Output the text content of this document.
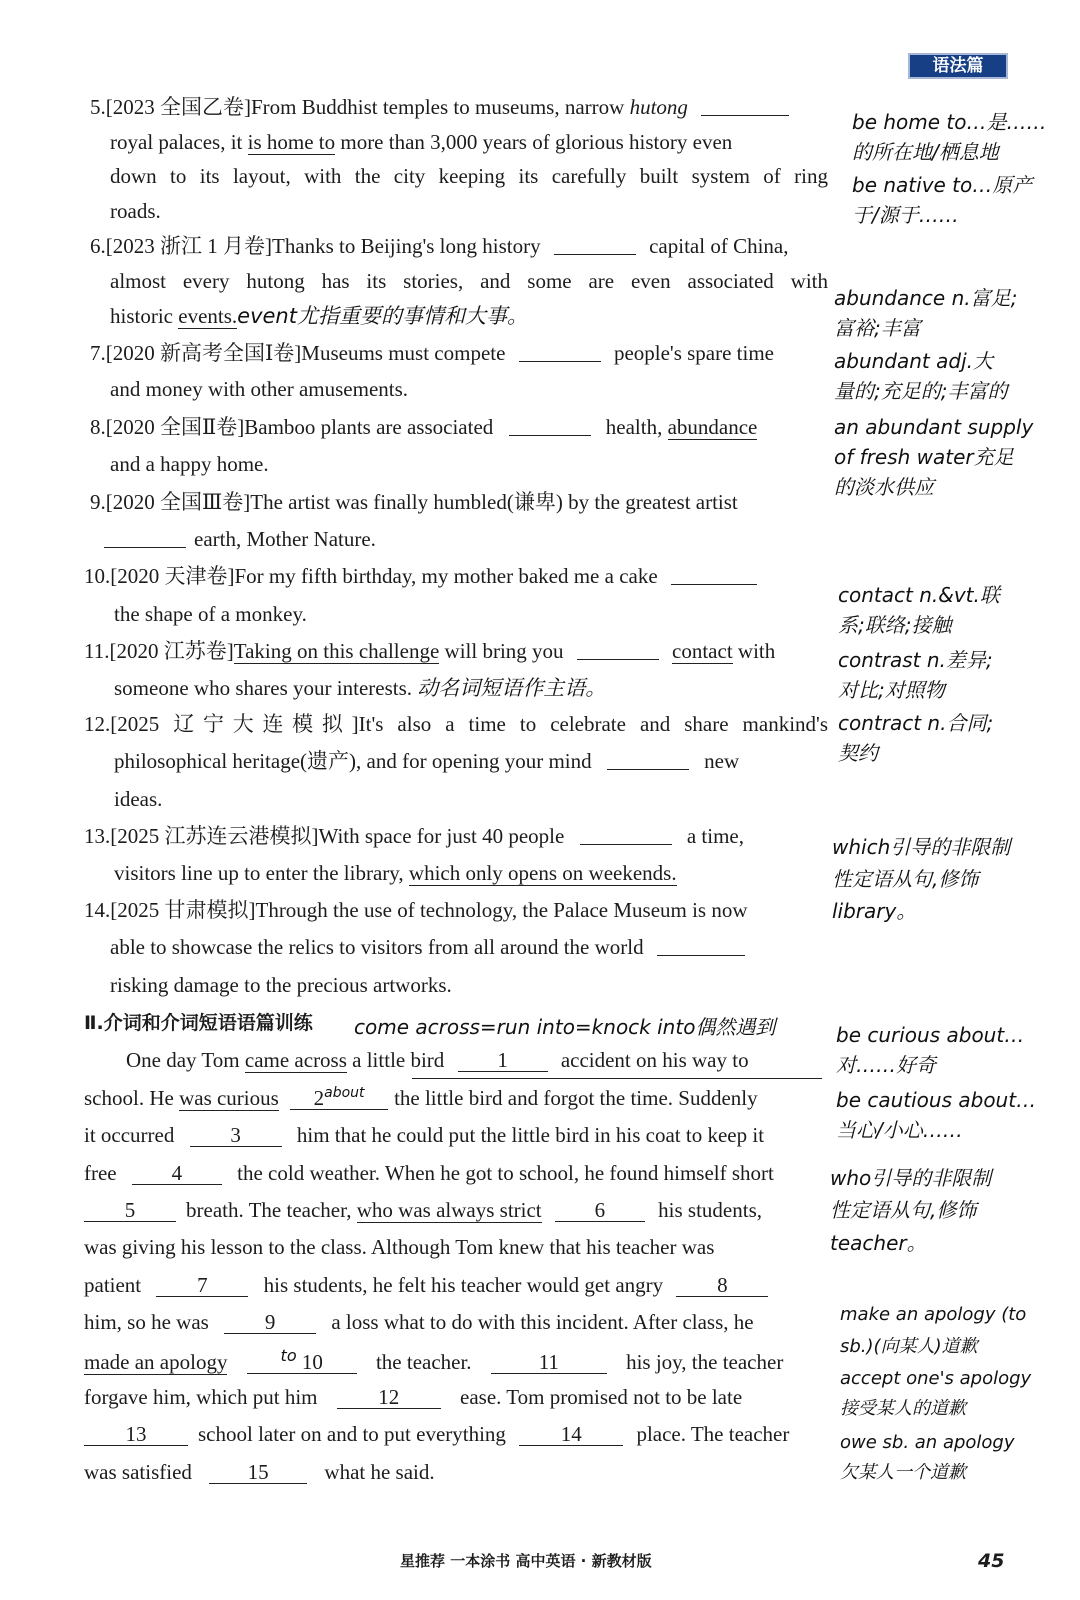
语法篇
5.[2023 全国乙卷]From Buddhist temples to museums, narrow hutong
royal palaces, it is home to more than 3,000 years of glorious history even
down to its layout, with the city keeping its carefully built system of ring
roads.
6.[2023 浙江 1 月卷]Thanks to Beijing's long history	capital of China,
almost every hutong has its stories, and some are even associated with
historic events.event尤指重要的事情和大事。
7.[2020 新高考全国Ⅰ卷]Museums must compete	people's spare time
and money with other amusements.
8.[2020 全国Ⅱ卷]Bamboo plants are associated	health, abundance
and a happy home.
9.[2020 全国Ⅲ卷]The artist was finally humbled(谦卑) by the greatest artist
earth, Mother Nature.
10.[2020 天津卷]For my fifth birthday, my mother baked me a cake
the shape of a monkey.
11.[2020 江苏卷]Taking on this challenge will bring you	contact with
someone who shares your interests. 动名词短语作主语。
12.[2025 辽宁大连模拟]It's also a time to celebrate and share mankind's
philosophical heritage(遗产), and for opening your mind	new
ideas.
13.[2025 江苏连云港模拟]With space for just 40 people	a time,
visitors line up to enter the library, which only opens on weekends.
14.[2025 甘肃模拟]Through the use of technology, the Palace Museum is now
able to showcase the relics to visitors from all around the world
risking damage to the precious artworks.
Ⅱ.介词和介词短语语篇训练 come across=run into=knock into偶然遇到
One day Tom came across a little bird	1	accident on his way to
school. He was curious $2^{about}$ the little bird and forgot the time. Suddenly
it occurred	3	him that he could put the little bird in his coat to keep it
free	4	the cold weather. When he got to school, he found himself short
5 breath. The teacher, who was always strict	6	his students,
was giving his lesson to the class. Although Tom knew that his teacher was
patient	7	his students, he felt his teacher would get angry	8
him, so he was	9	a loss what to do with this incident. After class, he
made an apology	$^{to}$ 10	the teacher.	11	his joy, the teacher
forgave him, which put him	12	ease. Tom promised not to be late
13 school later on and to put everything	14	place. The teacher
was satisfied	15	what he said.
be home to…是……
的所在地/栖息地
be native to…原产
于/源于……
abundance n.富足;
富裕;丰富
abundant adj.大
量的;充足的;丰富的
an abundant supply
of fresh water充足
的淡水供应
contact n.&vt.联
系;联络;接触
contrast n.差异;
对比;对照物
contract n.合同;
契约
which引导的非限制
性定语从句,修饰
library。
be curious about…
对……好奇
be cautious about…
当心/小心……
who引导的非限制
性定语从句,修饰
teacher。
make an apology (to
sb.)(向某人)道歉
accept one's apology
接受某人的道歉
owe sb. an apology
欠某人一个道歉
星推荐 一本涂书 高中英语 · 新教材版	45
